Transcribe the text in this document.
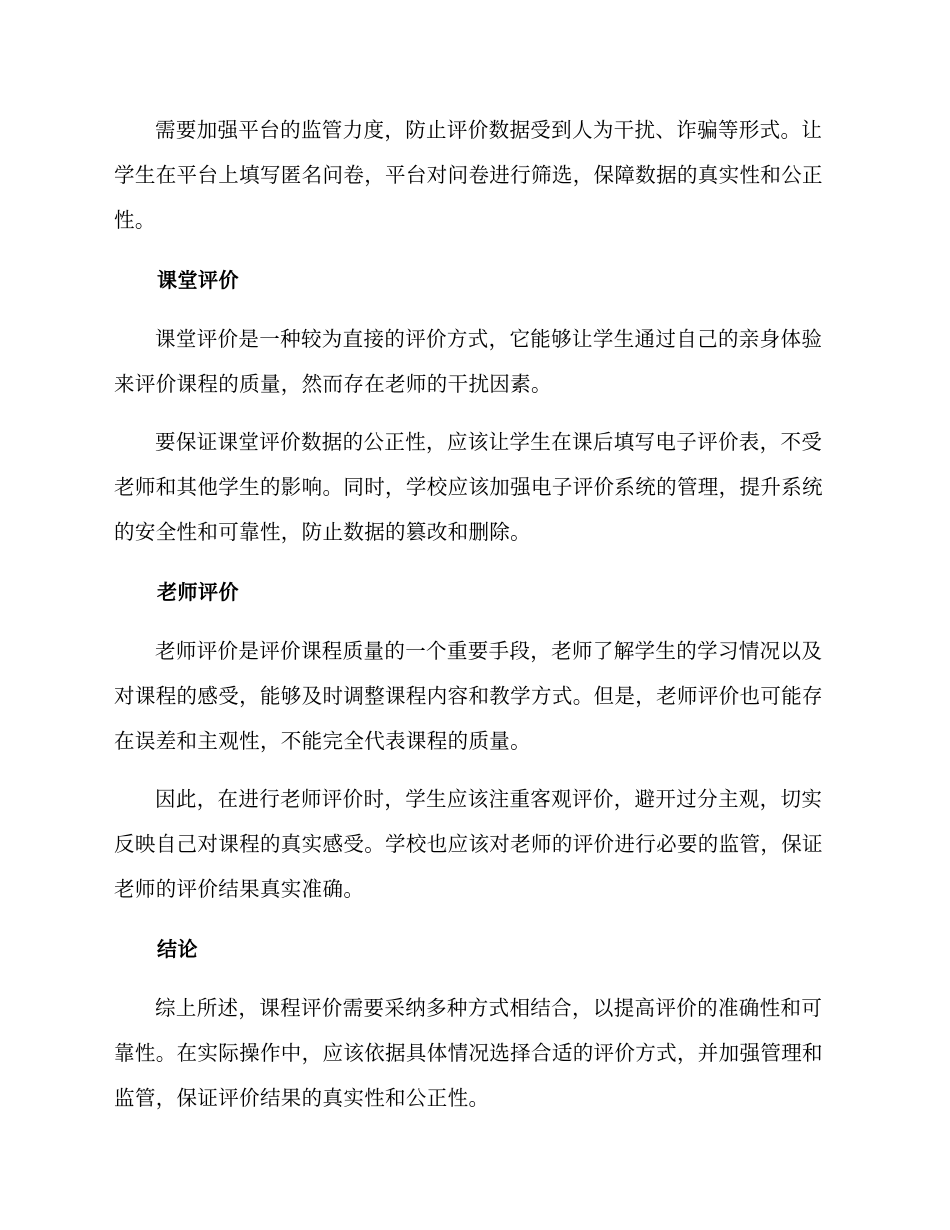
需要加强平台的监管力度，防止评价数据受到人为干扰、诈骗等形式。让学生在平台上填写匿名问卷，平台对问卷进行筛选，保障数据的真实性和公正性。

课堂评价

课堂评价是一种较为直接的评价方式，它能够让学生通过自己的亲身体验来评价课程的质量，然而存在老师的干扰因素。

要保证课堂评价数据的公正性，应该让学生在课后填写电子评价表，不受老师和其他学生的影响。同时，学校应该加强电子评价系统的管理，提升系统的安全性和可靠性，防止数据的篡改和删除。

老师评价

老师评价是评价课程质量的一个重要手段，老师了解学生的学习情况以及对课程的感受，能够及时调整课程内容和教学方式。但是，老师评价也可能存在误差和主观性，不能完全代表课程的质量。

因此，在进行老师评价时，学生应该注重客观评价，避开过分主观，切实反映自己对课程的真实感受。学校也应该对老师的评价进行必要的监管，保证老师的评价结果真实准确。

结论

综上所述，课程评价需要采纳多种方式相结合，以提高评价的准确性和可靠性。在实际操作中，应该依据具体情况选择合适的评价方式，并加强管理和监管，保证评价结果的真实性和公正性。
